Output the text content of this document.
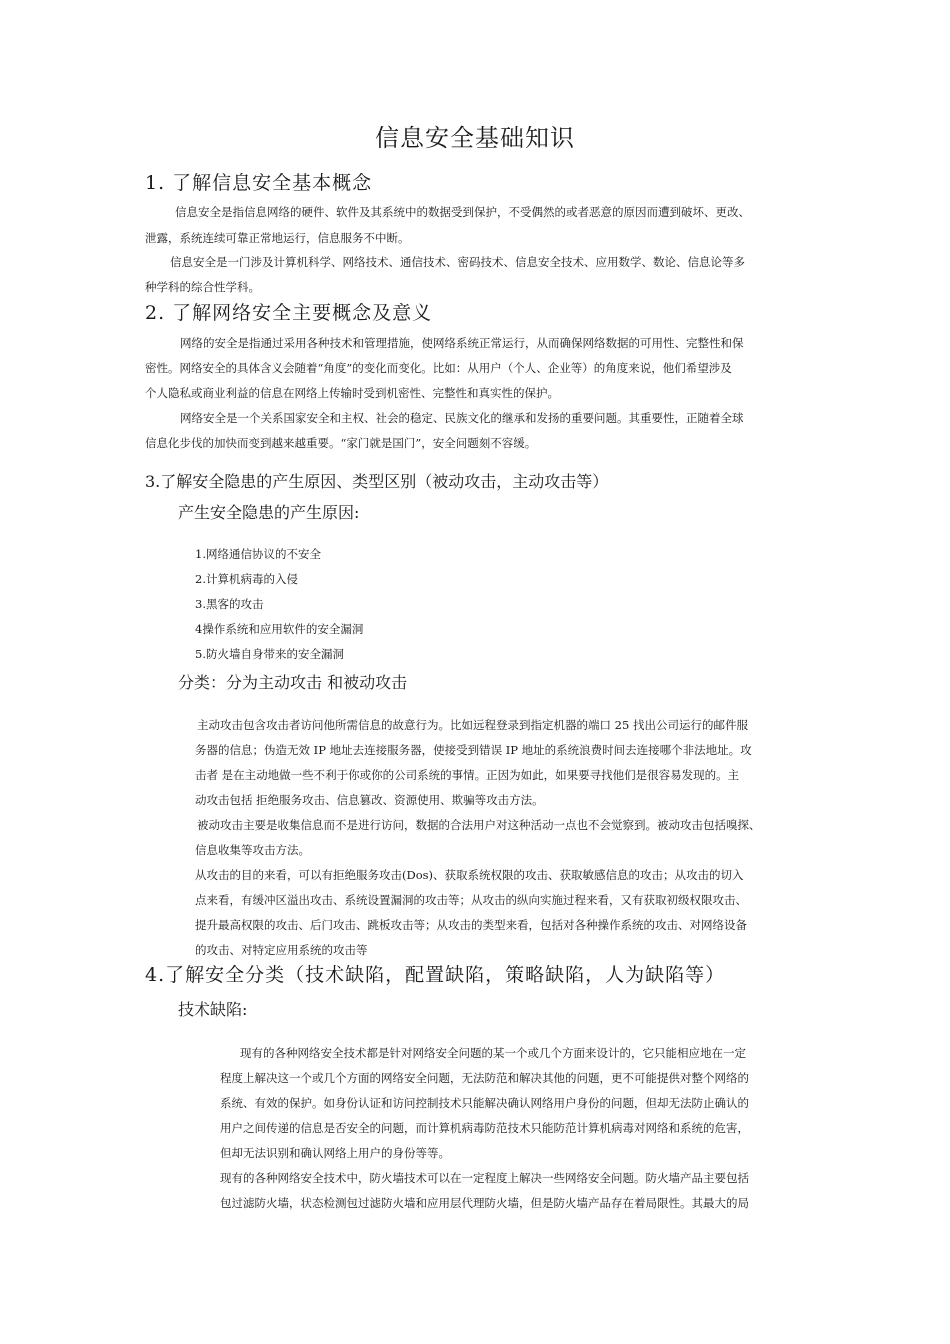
信息安全基础知识
1. 了解信息安全基本概念
信息安全是指信息网络的硬件、软件及其系统中的数据受到保护，不受偶然的或者恶意的原因而遭到破坏、更改、
泄露，系统连续可靠正常地运行，信息服务不中断。
信息安全是一门涉及计算机科学、网络技术、通信技术、密码技术、信息安全技术、应用数学、数论、信息论等多
种学科的综合性学科。
2. 了解网络安全主要概念及意义
网络的安全是指通过采用各种技术和管理措施，使网络系统正常运行，从而确保网络数据的可用性、完整性和保
密性。网络安全的具体含义会随着“角度”的变化而变化。比如：从用户（个人、企业等）的角度来说，他们希望涉及
个人隐私或商业利益的信息在网络上传输时受到机密性、完整性和真实性的保护。
网络安全是一个关系国家安全和主权、社会的稳定、民族文化的继承和发扬的重要问题。其重要性，正随着全球
信息化步伐的加快而变到越来越重要。“家门就是国门”，安全问题刻不容缓。
3.了解安全隐患的产生原因、类型区别（被动攻击，主动攻击等）
产生安全隐患的产生原因:
1.网络通信协议的不安全
2.计算机病毒的入侵
3.黑客的攻击
4操作系统和应用软件的安全漏洞
5.防火墙自身带来的安全漏洞
分类：分为主动攻击 和被动攻击
主动攻击包含攻击者访问他所需信息的故意行为。比如远程登录到指定机器的端口 25 找出公司运行的邮件服
务器的信息；伪造无效 IP 地址去连接服务器，使接受到错误 IP 地址的系统浪费时间去连接哪个非法地址。攻
击者 是在主动地做一些不利于你或你的公司系统的事情。正因为如此，如果要寻找他们是很容易发现的。主
动攻击包括 拒绝服务攻击、信息篡改、资源使用、欺骗等攻击方法。
被动攻击主要是收集信息而不是进行访问，数据的合法用户对这种活动一点也不会觉察到。被动攻击包括嗅探、
信息收集等攻击方法。
从攻击的目的来看，可以有拒绝服务攻击(Dos)、获取系统权限的攻击、获取敏感信息的攻击；从攻击的切入
点来看，有缓冲区溢出攻击、系统设置漏洞的攻击等；从攻击的纵向实施过程来看，又有获取初级权限攻击、
提升最高权限的攻击、后门攻击、跳板攻击等；从攻击的类型来看，包括对各种操作系统的攻击、对网络设备
的攻击、对特定应用系统的攻击等
4.了解安全分类（技术缺陷，配置缺陷，策略缺陷，人为缺陷等）
技术缺陷:
现有的各种网络安全技术都是针对网络安全问题的某一个或几个方面来设计的，它只能相应地在一定
程度上解决这一个或几个方面的网络安全问题，无法防范和解决其他的问题，更不可能提供对整个网络的
系统、有效的保护。如身份认证和访问控制技术只能解决确认网络用户身份的问题，但却无法防止确认的
用户之间传递的信息是否安全的问题，而计算机病毒防范技术只能防范计算机病毒对网络和系统的危害，
但却无法识别和确认网络上用户的身份等等。
现有的各种网络安全技术中，防火墙技术可以在一定程度上解决一些网络安全问题。防火墙产品主要包括
包过滤防火墙，状态检测包过滤防火墙和应用层代理防火墙，但是防火墙产品存在着局限性。其最大的局
